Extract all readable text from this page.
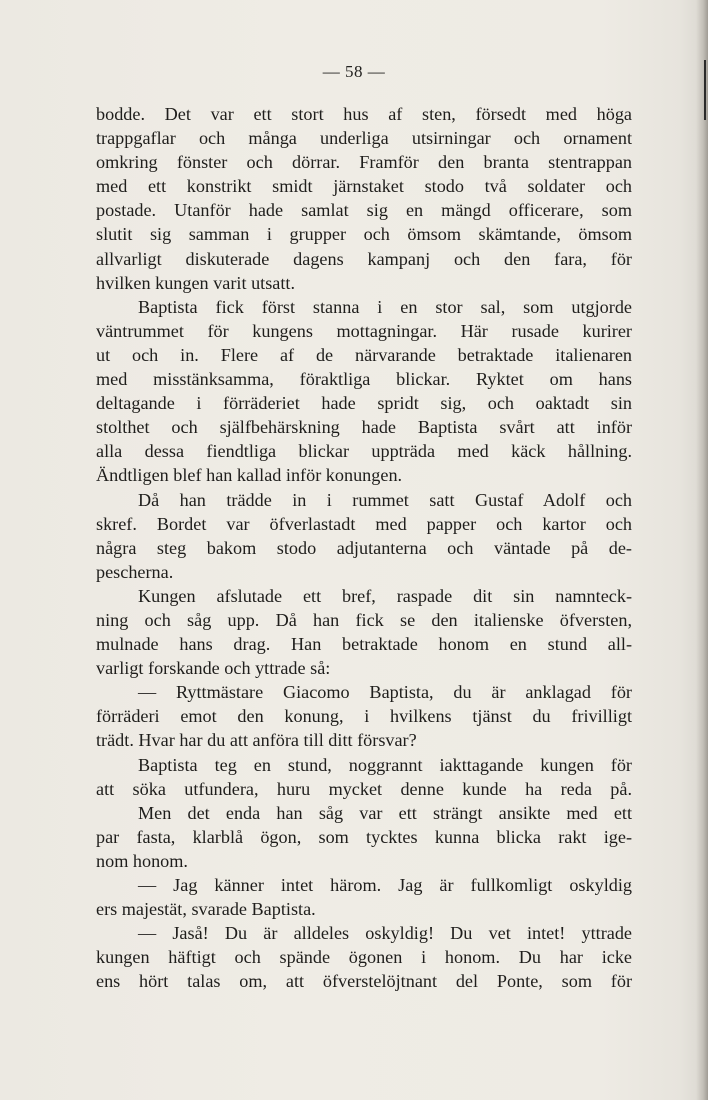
— 58 —
bodde. Det var ett stort hus af sten, försedt med höga
trappgaflar och många underliga utsirningar och ornament
omkring fönster och dörrar. Framför den branta stentrappan
med ett konstrikt smidt järnstaket stodo två soldater och
postade. Utanför hade samlat sig en mängd officerare, som
slutit sig samman i grupper och ömsom skämtande, ömsom
allvarligt diskuterade dagens kampanj och den fara, för
hvilken kungen varit utsatt.
Baptista fick först stanna i en stor sal, som utgjorde
väntrummet för kungens mottagningar. Här rusade kurirer
ut och in. Flere af de närvarande betraktade italienaren
med misstänksamma, föraktliga blickar. Ryktet om hans
deltagande i förräderiet hade spridt sig, och oaktadt sin
stolthet och själfbehärskning hade Baptista svårt att inför
alla dessa fiendtliga blickar uppträda med käck hållning.
Ändtligen blef han kallad inför konungen.
Då han trädde in i rummet satt Gustaf Adolf och
skref. Bordet var öfverlastadt med papper och kartor och
några steg bakom stodo adjutanterna och väntade på de-
pescherna.
Kungen afslutade ett bref, raspade dit sin namnteck-
ning och såg upp. Då han fick se den italienske öfversten,
mulnade hans drag. Han betraktade honom en stund all-
varligt forskande och yttrade så:
— Ryttmästare Giacomo Baptista, du är anklagad för
förräderi emot den konung, i hvilkens tjänst du frivilligt
trädt. Hvar har du att anföra till ditt försvar?
Baptista teg en stund, noggrannt iakttagande kungen för
att söka utfundera, huru mycket denne kunde ha reda på.
Men det enda han såg var ett strängt ansikte med ett
par fasta, klarblå ögon, som tycktes kunna blicka rakt ige-
nom honom.
— Jag känner intet härom. Jag är fullkomligt oskyldig
ers majestät, svarade Baptista.
— Jaså! Du är alldeles oskyldig! Du vet intet! yttrade
kungen häftigt och spände ögonen i honom. Du har icke
ens hört talas om, att öfverstelöjtnant del Ponte, som för
